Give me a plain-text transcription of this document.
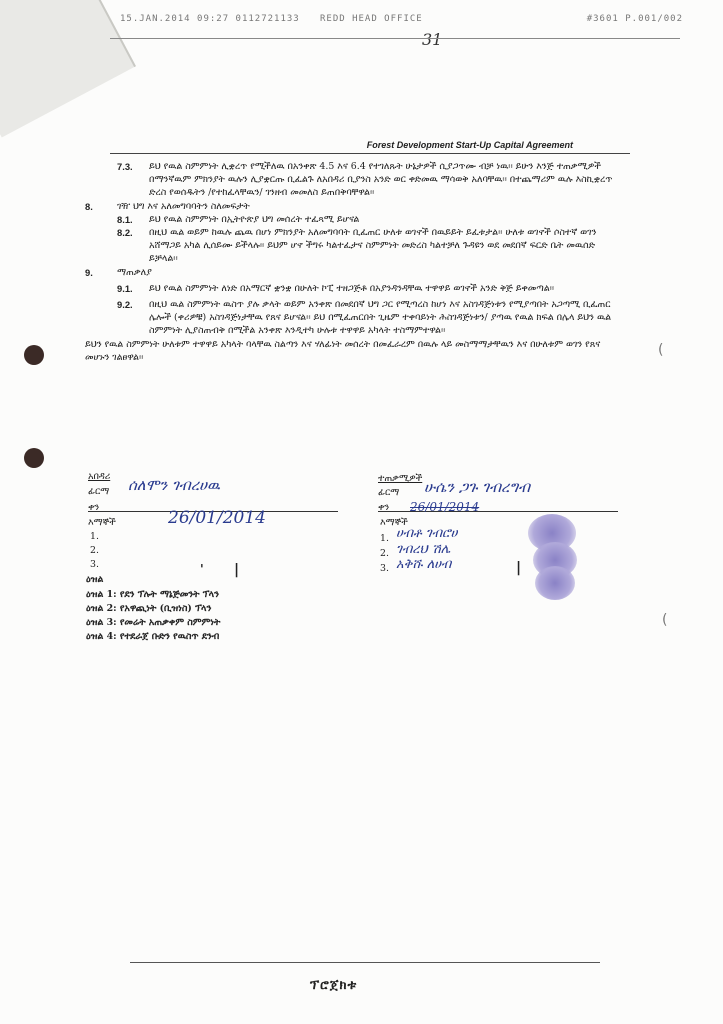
15.JAN.2014 09:27 0112721133 REDD HEAD OFFICE	#3601 P.001/002
31
Forest Development Start-Up Capital Agreement
(
(
7.3.	ይህ የዉል ስምምነት ሊቋረጥ የሚችለዉ በአንቀጽ 4.5 እና 6.4 የተገለጹት ሁኔታዎች ሲያጋጥሙ ብቻ ነዉ፡፡ ይሁን እንጅ ተጠቃሚዎች በማንኛዉም ምክንያት ዉሉን ሊያቋርጡ ቢፈልጉ ለአበዳሪ ቢያንስ አንድ ወር ቀድመዉ ማሳወቅ አለባቸዉ፡፡ በተጨማሪም ዉሉ እስኪቋረጥ ድረስ የወሰዱትን /የተከፈላቸዉን/ ገንዘብ መመለስ ይጠበቅባቸዋል፡፡
8.	ገዥ ህግ እና አለመግባባትን ስለመፍታት
8.1.	ይህ የዉል ስምምነት በኢትዮጵያ ህግ መሰረት ተፈጻሚ ይሆናል
8.2.	በዚህ ዉል ወይም ከዉሉ ጨዉ በሆነ ምክንያት አለመግባባት ቢፈጠር ሁለቱ ወገኖች በዉይይት ይፈቱታል፡፡ ሁለቱ ወገኖች ሶስተኛ ወገን አሸማጋይ አካል ሊሰይሙ ይችላሉ፡፡ ይህም ሆኖ ችግሩ ካልተፈታና ስምምነት መድረስ ካልተቻለ ጉዳዩን ወደ መደበኛ ፍርድ ቤት መዉሰድ ይቻላል፡፡
9.	ማጠቃለያ
9.1.	ይህ የዉል ስምምነት ለነድ በአማርኛ ቋንቋ በሁለት ኮፒ ተዘጋጅቶ በአያንዳንዳቸዉ ተዋዋይ ወገኖች አንድ ቅጅ ይቀመጣል፡፡
9.2.	በዚህ ዉል ስምምነት ዉስጥ ያሉ ቃላት ወይም አንቀጽ በመደበኛ ህግ ጋር የሚጣረስ ከሆነ እና አስገዳጅነቱን የሚያጣበት አጋጣሚ ቢፈጠር ሌሎች (ቀሪዎቹ) አስገዳጅነታቸዉ የጸና ይሆናል፡፡ ይህ በሚፈጠርበት ጊዜም ተቀባይነት ሕስገዳጅነቱን/ ያጣዉ የዉል ክፍል በሌላ ይህን ዉል ስምምነት ሊያስጠብቅ በሚችል አንቀጽ እንዲተካ ሁሉቱ ተዋዋይ አካላት ተስማምተዋል፡፡
ይህን የዉል ስምምነት ሁለቱም ተዋዋይ አካላት ባላቸዉ ስልጣን እና ሃለፊነት መሰረት በመፈራረም በዉሉ ላይ መስማማታቸዉን እና በሁለቱም ወገን የጸና መሆኑን ገልፀዋል፡፡
አበዳሪ
ፊርማ ሰለሞን ገብረሀዉ
ቀን
26/01/2014
እማኞች
1.
2.
3.
ተጠቃሚዎች
ፊርማ ሁሴን ጋጉ ገብረግብ
ቀን 26/01/2014
እማኞች
1. ሀብቶ ገብሮሀ
2. ገብረህ ሽሌ
3. አቅሹ ለሀብ
' |	|
ዕዝል
ዕዝል 1: የደን ፕሉት ማኔጅመንት ፕላን
ዕዝል 2: የአዋጪነት (ቢዝነስ) ፕላን
ዕዝል 3: የመሬት አጠቃቀም ስምምነት
ዕዝል 4: የተደራጀ ቡድን የዉስጥ ደንብ
ፕሮጀክቱ
